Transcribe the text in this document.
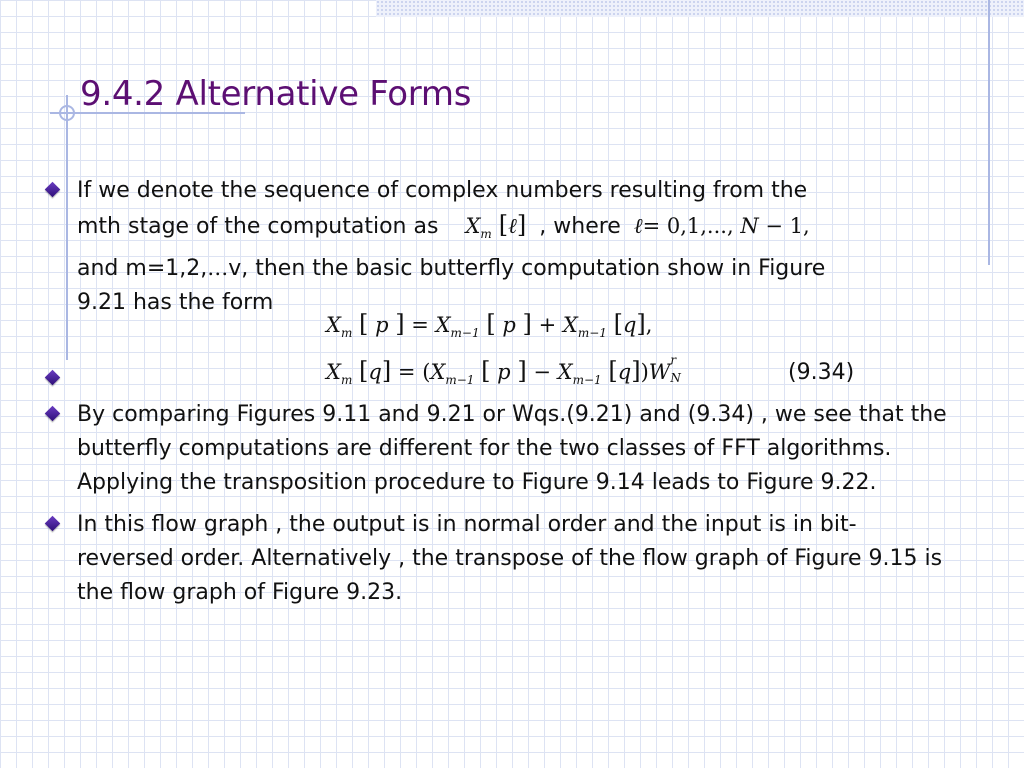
9.4.2 Alternative Forms
If we denote the sequence of complex numbers resulting from the
mth stage of the computation as $X_m$ [ℓ] , where ℓ= 0,1,..., N − 1,
and m=1,2,…v, then the basic butterfly computation show in Figure
9.21 has the form
$X_m$ [ p ] = $X_{m-1}$ [ p ] + $X_{m-1}$ [q],
$X_m$ $[q] = (X_{m-1}$ [ p ] − $X_{m-1}$ [q])W r
N	(9.34)

By comparing Figures 9.11 and 9.21 or Wqs.(9.21) and (9.34) , we see that the butterfly computations are different for the two classes of FFT algorithms. Applying the transposition procedure to Figure 9.14 leads to Figure 9.22.

In this flow graph , the output is in normal order and the input is in bit-reversed order. Alternatively , the transpose of the flow graph of Figure 9.15 is the flow graph of Figure 9.23.
